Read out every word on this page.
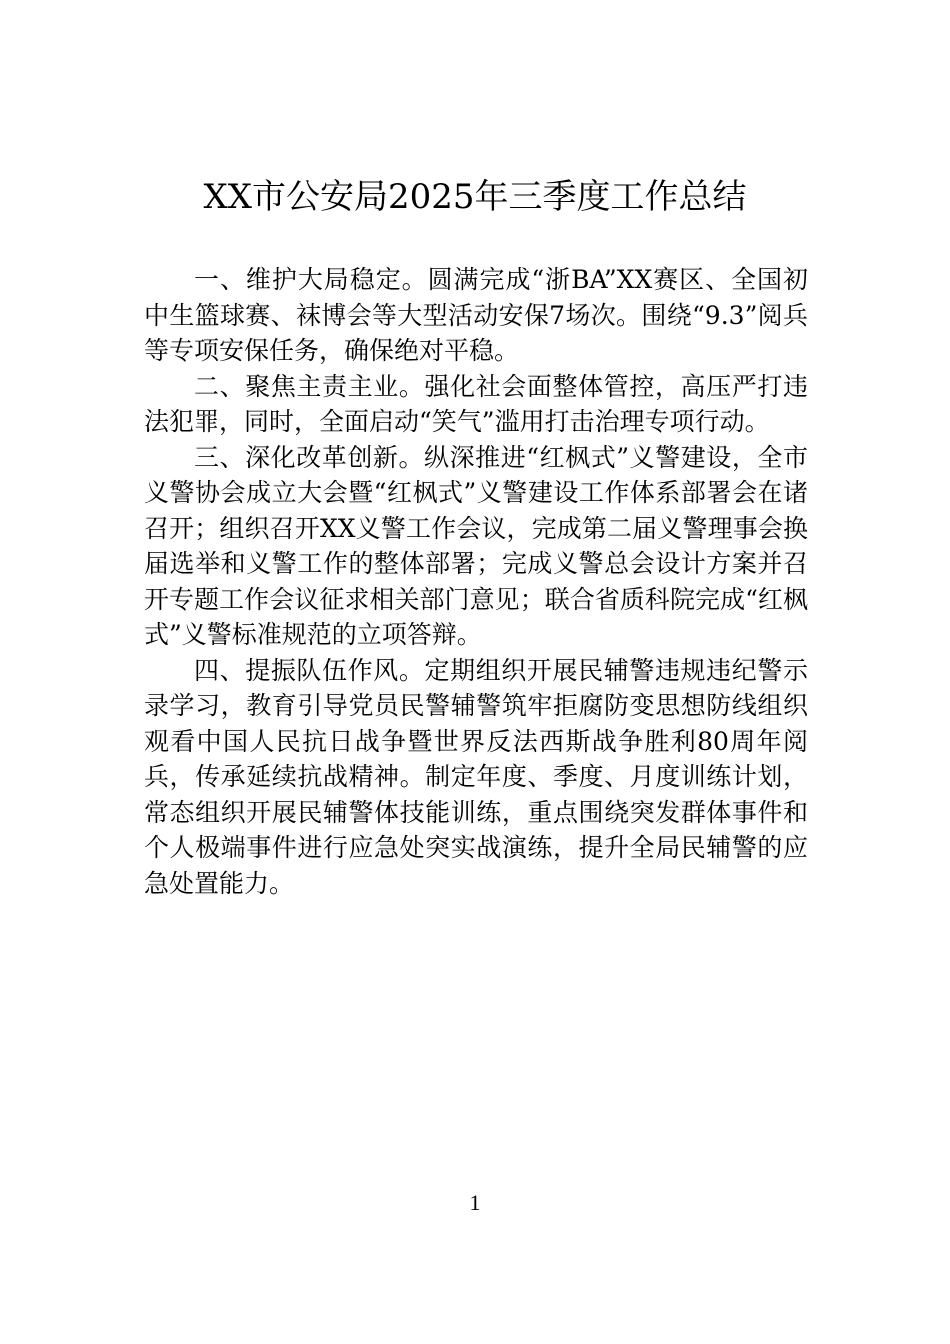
XX市公安局2025年三季度工作总结

一、维护大局稳定。圆满完成“浙BA”XX赛区、全国初中生篮球赛、袜博会等大型活动安保7场次。围绕“9.3”阅兵等专项安保任务，确保绝对平稳。

二、聚焦主责主业。强化社会面整体管控，高压严打违法犯罪，同时，全面启动“笑气”滥用打击治理专项行动。

三、深化改革创新。纵深推进“红枫式”义警建设，全市义警协会成立大会暨“红枫式”义警建设工作体系部署会在诸召开；组织召开XX义警工作会议，完成第二届义警理事会换届选举和义警工作的整体部署；完成义警总会设计方案并召开专题工作会议征求相关部门意见；联合省质科院完成“红枫式”义警标准规范的立项答辩。

四、提振队伍作风。定期组织开展民辅警违规违纪警示录学习，教育引导党员民警辅警筑牢拒腐防变思想防线组织观看中国人民抗日战争暨世界反法西斯战争胜利80周年阅兵，传承延续抗战精神。制定年度、季度、月度训练计划，常态组织开展民辅警体技能训练，重点围绕突发群体事件和个人极端事件进行应急处突实战演练，提升全局民辅警的应急处置能力。

1
